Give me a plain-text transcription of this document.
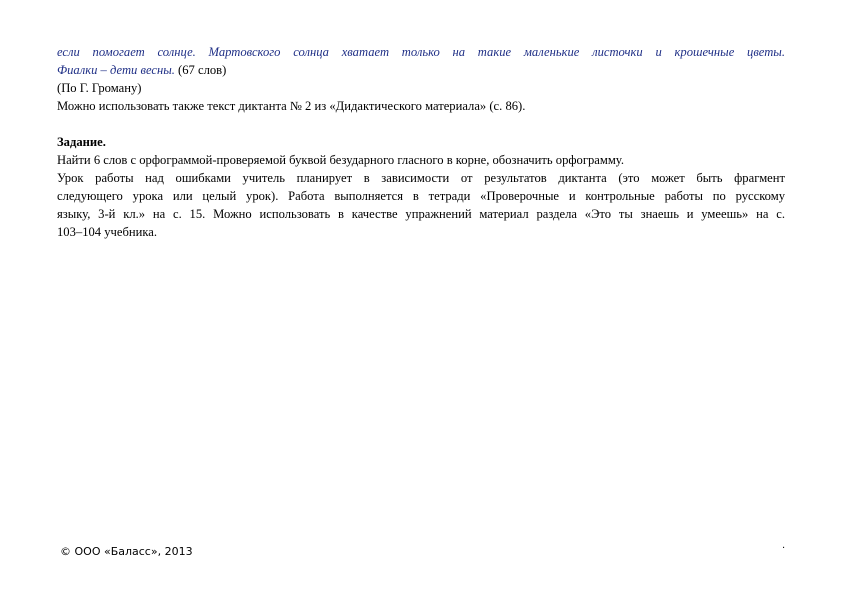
если помогает солнце. Мартовского солнца хватает только на такие маленькие листочки и крошечные цветы.

Фиалки – дети весны. (67 слов)

(По Г. Громану)

Можно использовать также текст диктанта № 2 из «Дидактического материала» (с. 86).

Задание.

Найти 6 слов с орфограммой-проверяемой буквой безударного гласного в корне, обозначить орфограмму.

Урок работы над ошибками учитель планирует в зависимости от результатов диктанта (это может быть фрагмент

следующего урока или целый урок). Работа выполняется в тетради «Проверочные и контрольные работы по русскому

языку, 3-й кл.» на с. 15. Можно использовать в качестве упражнений материал раздела «Это ты знаешь и умеешь» на с.

103–104 учебника.

© ООО «Баласс», 2013	.
